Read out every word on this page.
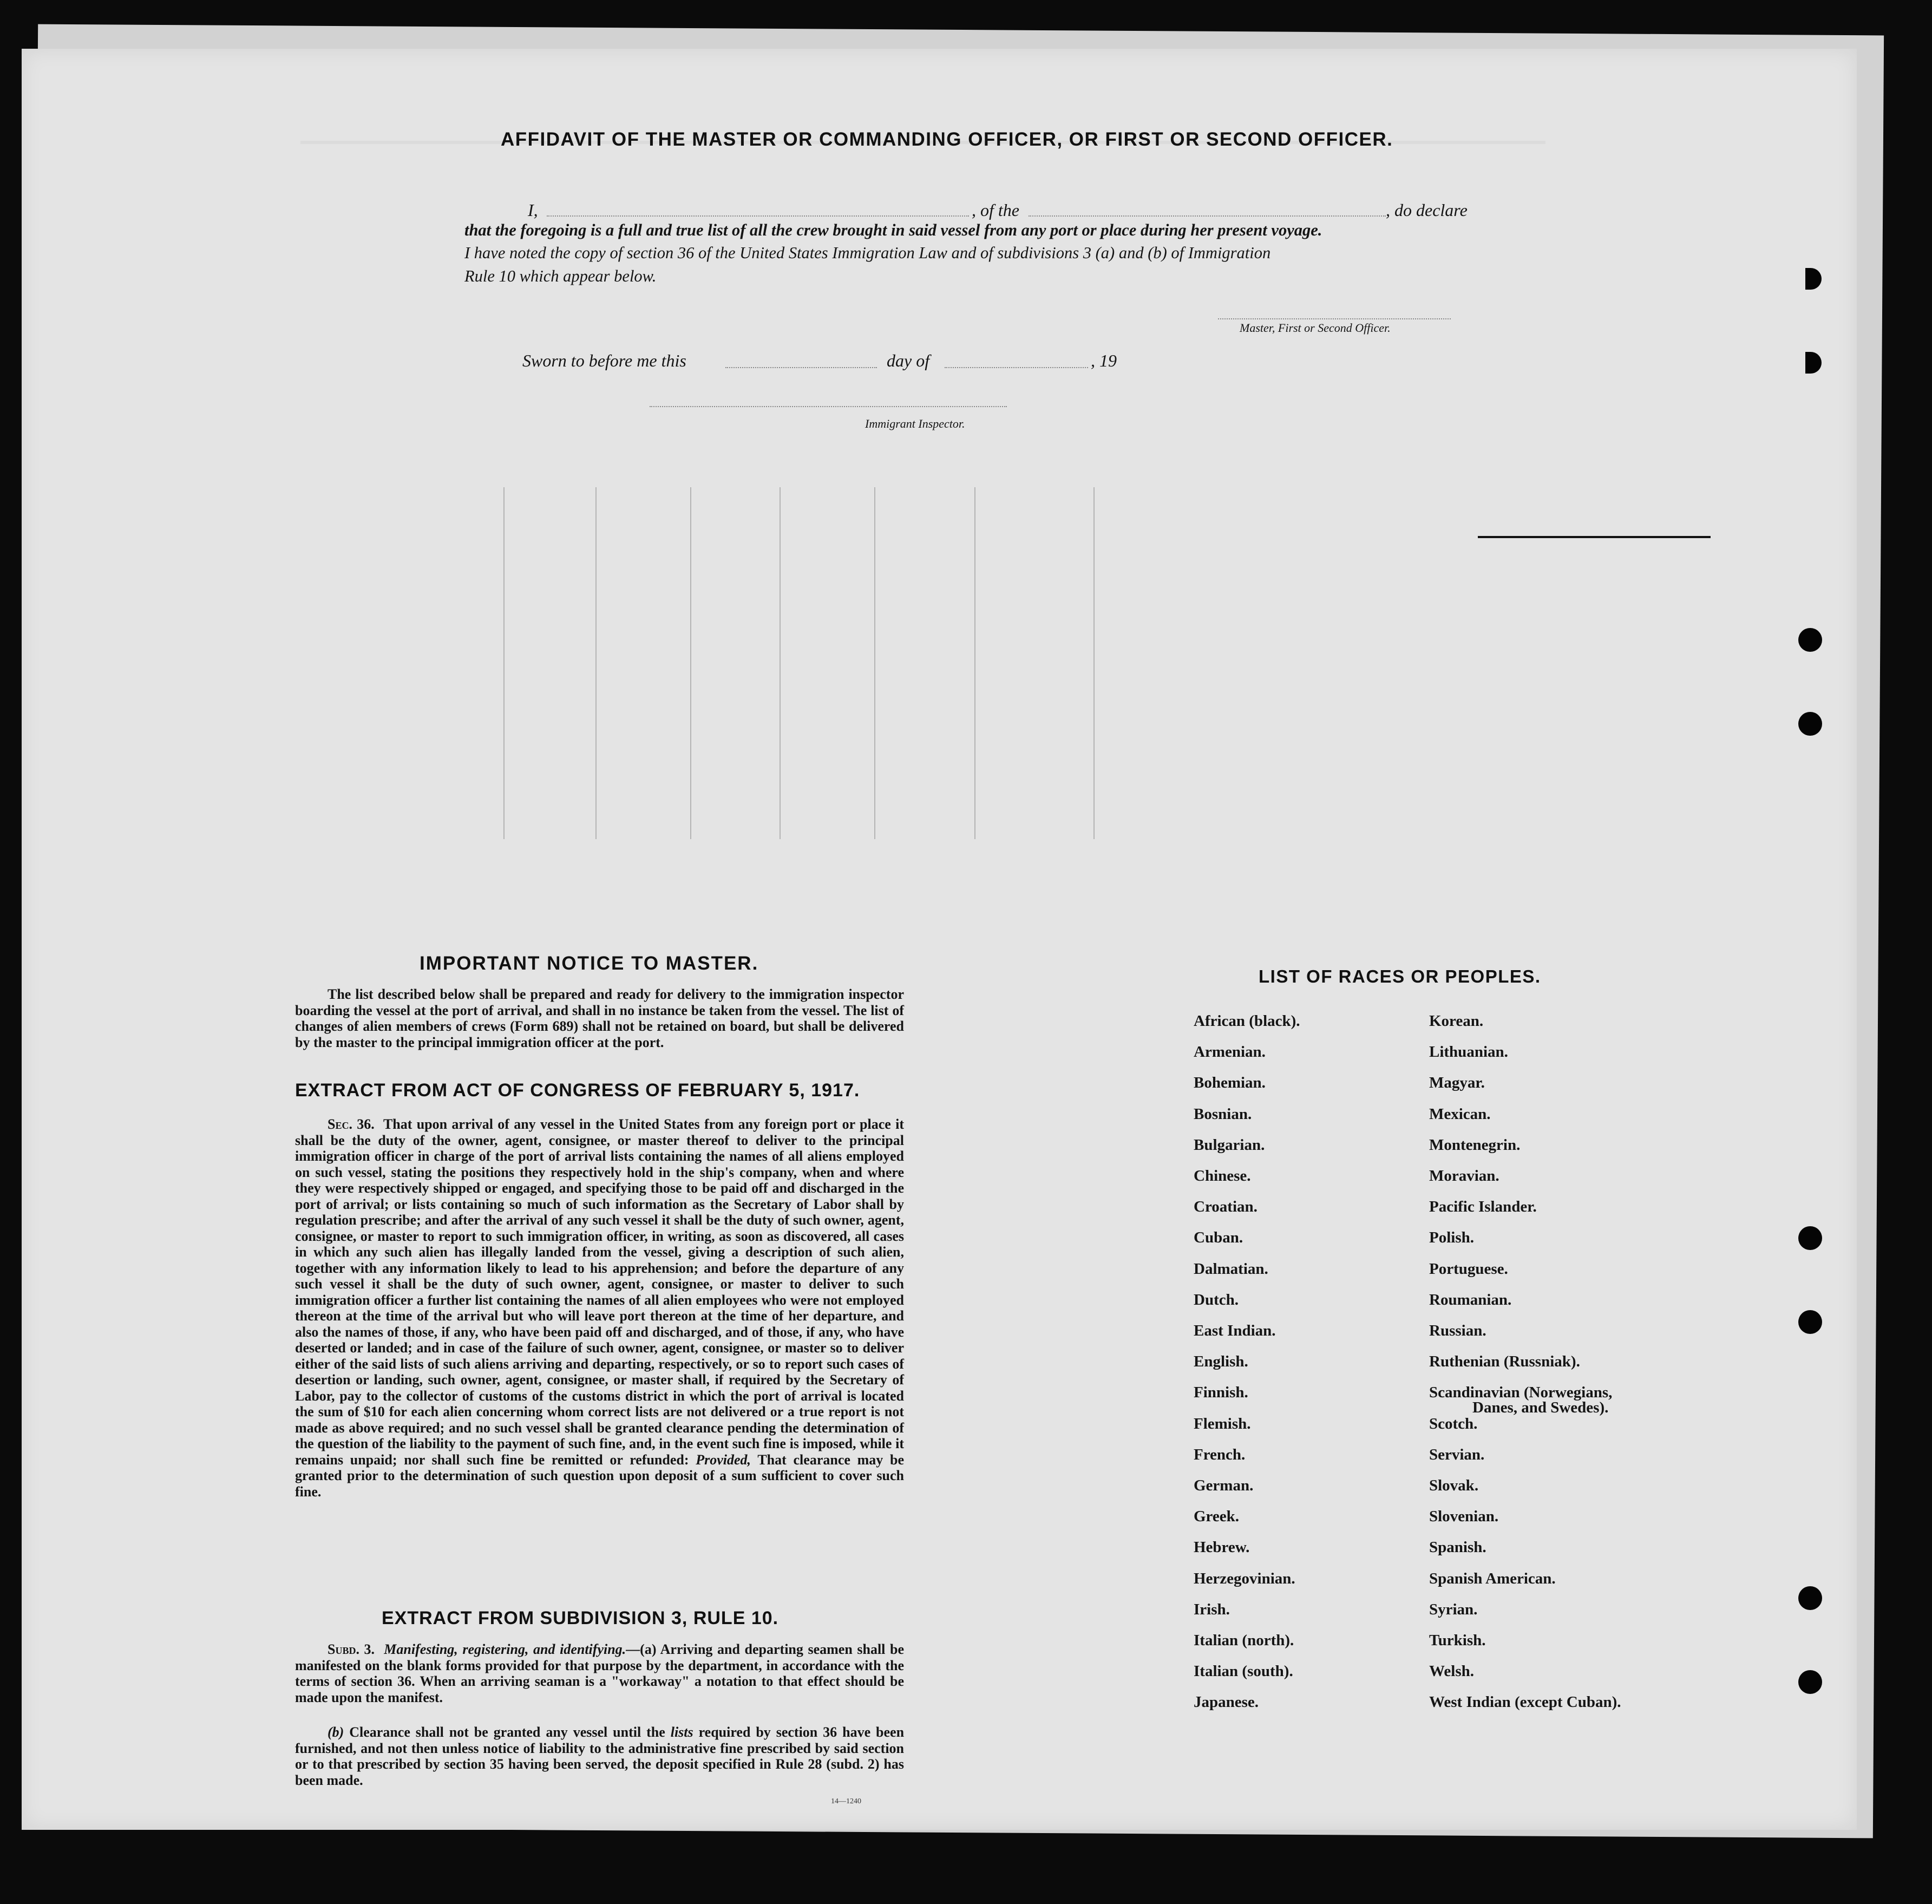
AFFIDAVIT OF THE MASTER OR COMMANDING OFFICER, OR FIRST OR SECOND OFFICER.
I,	, of the	, do declare
that the foregoing is a full and true list of all the crew brought in said vessel from any port or place during her present voyage.
I have noted the copy of section 36 of the United States Immigration Law and of subdivisions 3 (a) and (b) of Immigration
Rule 10 which appear below.
Master, First or Second Officer.
Sworn to before me this	day of	, 19
Immigrant Inspector.
IMPORTANT NOTICE TO MASTER.
The list described below shall be prepared and ready for delivery to the immigration inspector boarding the vessel at the port of arrival, and shall in no instance be taken from the vessel. The list of changes of alien members of crews (Form 689) shall not be retained on board, but shall be delivered by the master to the principal immigration officer at the port.
EXTRACT FROM ACT OF CONGRESS OF FEBRUARY 5, 1917.
Sec. 36. That upon arrival of any vessel in the United States from any foreign port or place it shall be the duty of the owner, agent, consignee, or master thereof to deliver to the principal immigration officer in charge of the port of arrival lists containing the names of all aliens employed on such vessel, stating the positions they respectively hold in the ship's company, when and where they were respectively shipped or engaged, and specifying those to be paid off and discharged in the port of arrival; or lists containing so much of such information as the Secretary of Labor shall by regulation prescribe; and after the arrival of any such vessel it shall be the duty of such owner, agent, consignee, or master to report to such immigration officer, in writing, as soon as discovered, all cases in which any such alien has illegally landed from the vessel, giving a description of such alien, together with any information likely to lead to his apprehension; and before the departure of any such vessel it shall be the duty of such owner, agent, consignee, or master to deliver to such immigration officer a further list containing the names of all alien employees who were not employed thereon at the time of the arrival but who will leave port thereon at the time of her departure, and also the names of those, if any, who have been paid off and discharged, and of those, if any, who have deserted or landed; and in case of the failure of such owner, agent, consignee, or master so to deliver either of the said lists of such aliens arriving and departing, respectively, or so to report such cases of desertion or landing, such owner, agent, consignee, or master shall, if required by the Secretary of Labor, pay to the collector of customs of the customs district in which the port of arrival is located the sum of $10 for each alien concerning whom correct lists are not delivered or a true report is not made as above required; and no such vessel shall be granted clearance pending the determination of the question of the liability to the payment of such fine, and, in the event such fine is imposed, while it remains unpaid; nor shall such fine be remitted or refunded: Provided, That clearance may be granted prior to the determination of such question upon deposit of a sum sufficient to cover such fine.
EXTRACT FROM SUBDIVISION 3, RULE 10.
Subd. 3. Manifesting, registering, and identifying.—(a) Arriving and departing seamen shall be manifested on the blank forms provided for that purpose by the department, in accordance with the terms of section 36. When an arriving seaman is a "workaway" a notation to that effect should be made upon the manifest.
(b) Clearance shall not be granted any vessel until the lists required by section 36 have been furnished, and not then unless notice of liability to the administrative fine prescribed by said section or to that prescribed by section 35 having been served, the deposit specified in Rule 28 (subd. 2) has been made.
14—1240
LIST OF RACES OR PEOPLES.
African (black).
Armenian.
Bohemian.
Bosnian.
Bulgarian.
Chinese.
Croatian.
Cuban.
Dalmatian.
Dutch.
East Indian.
English.
Finnish.
Flemish.
French.
German.
Greek.
Hebrew.
Herzegovinian.
Irish.
Italian (north).
Italian (south).
Japanese.
Korean.
Lithuanian.
Magyar.
Mexican.
Montenegrin.
Moravian.
Pacific Islander.
Polish.
Portuguese.
Roumanian.
Russian.
Ruthenian (Russniak).
Scandinavian (Norwegians,
Danes, and Swedes).
Scotch.
Servian.
Slovak.
Slovenian.
Spanish.
Spanish American.
Syrian.
Turkish.
Welsh.
West Indian (except Cuban).
